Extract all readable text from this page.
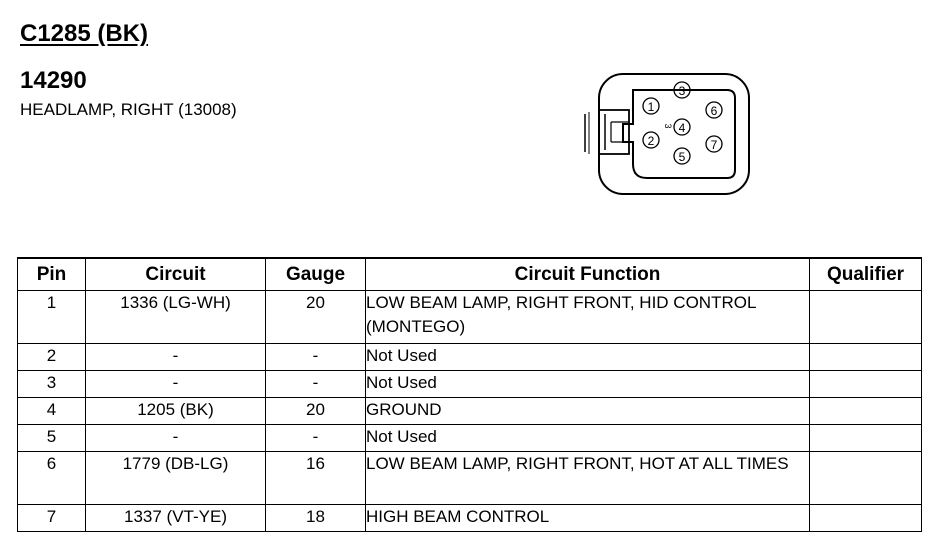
C1285 (BK)
14290
HEADLAMP, RIGHT (13008)	1
2
3
4
5
6
7
3
Pin	Circuit	Gauge	Circuit Function	Qualifier
1	1336 (LG-WH)	20	LOW BEAM LAMP, RIGHT FRONT, HID CONTROL (MONTEGO)	
2	-	-	Not Used	
3	-	-	Not Used	
4	1205 (BK)	20	GROUND	
5	-	-	Not Used	
6	1779 (DB-LG)	16	LOW BEAM LAMP, RIGHT FRONT, HOT AT ALL TIMES	
7	1337 (VT-YE)	18	HIGH BEAM CONTROL	
